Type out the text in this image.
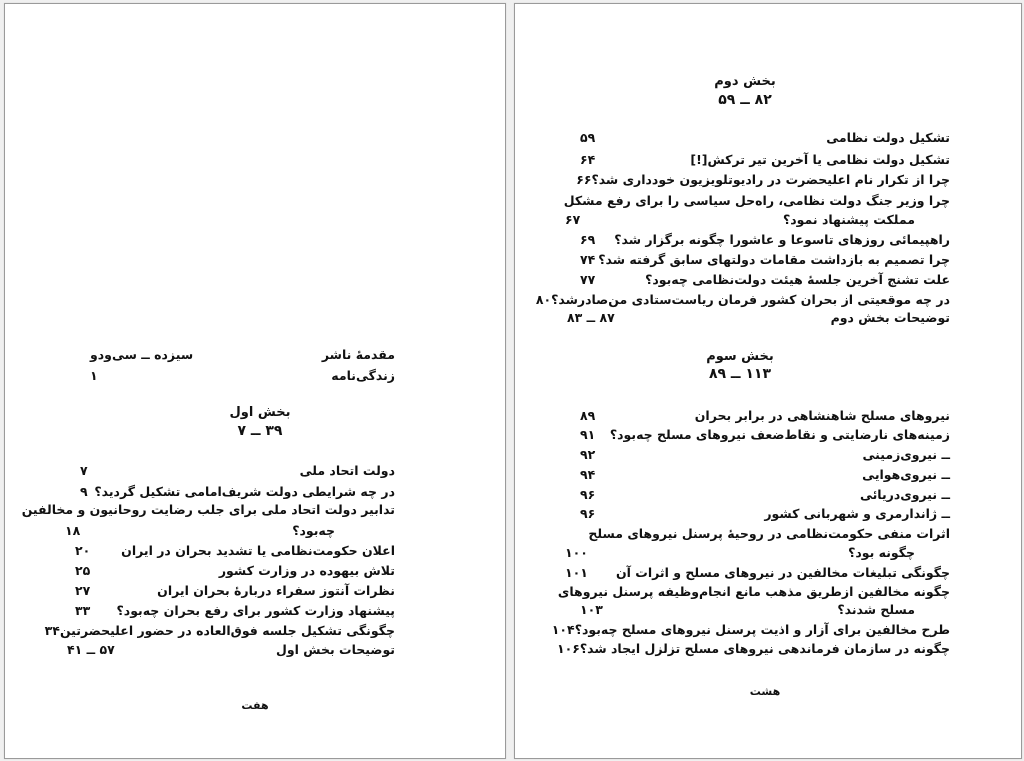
مقدمهٔ ناشر
سیزده ــ سی‌ودو
زندگی‌نامه
۱
بخش اول
۳۹ ــ ۷
دولت اتحاد ملی
۷
در چه شرایطی دولت شریف‌امامی تشکیل گردید؟
۹
تدابیر دولت اتحاد ملی برای جلب رضایت روحانیون و مخالفین
چه‌بود؟
۱۸
اعلان حکومت‌نظامی یا تشدید بحران در ایران
۲۰
تلاش بیهوده در وزارت کشور
۲۵
نظرات آنتوز سفراء دربارهٔ بحران ایران
۲۷
پیشنهاد وزارت کشور برای رفع بحران چه‌بود؟
۳۳
چگونگی تشکیل جلسه فوق‌العاده در حضور اعلیحضرتین
۳۴
توضیحات بخش اول
۵۷ ــ ۴۱
هفت
بخش دوم
۸۲ ــ ۵۹
تشکیل دولت نظامی
۵۹
تشکیل دولت نظامی یا آخرین تیر ترکش[!]
۶۴
چرا از تکرار نام اعلیحضرت در رادیوتلویزیون خودداری شد؟
۶۶
چرا وزیر جنگ دولت نظامی، راه‌حل سیاسی را برای رفع مشکل
مملکت پیشنهاد نمود؟
۶۷
راهپیمائی روزهای تاسوعا و عاشورا چگونه برگزار شد؟
۶۹
چرا تصمیم به بازداشت مقامات دولتهای سابق گرفته شد؟
۷۴
علت تشنج آخرین جلسهٔ هیئت دولت‌نظامی چه‌بود؟
۷۷
در چه موقعیتی از بحران کشور فرمان ریاست‌ستادی من‌صادرشد؟
۸۰
توضیحات بخش دوم
۸۷ ــ ۸۳
بخش سوم
۱۱۳ ــ ۸۹
نیروهای مسلح شاهنشاهی در برابر بحران
۸۹
زمینه‌های نارضایتی و نقاط‌ضعف نیروهای مسلح چه‌بود؟
۹۱
ــ نیروی‌زمینی
۹۲
ــ نیروی‌هوایی
۹۴
ــ نیروی‌دریائی
۹۶
ــ ژاندارمری و شهربانی کشور
۹۶
اثرات منفی حکومت‌نظامی در روحیهٔ پرسنل نیروهای مسلح
چگونه بود؟
۱۰۰
چگونگی تبلیغات مخالفین در نیروهای مسلح و اثرات آن
۱۰۱
چگونه مخالفین ازطریق مذهب مانع انجام‌وظیفه پرسنل نیروهای
مسلح شدند؟
۱۰۳
طرح مخالفین برای آزار و اذیت پرسنل نیروهای مسلح چه‌بود؟
۱۰۴
چگونه در سازمان فرماندهی نیروهای مسلح تزلزل ایجاد شد؟
۱۰۶
هشت
